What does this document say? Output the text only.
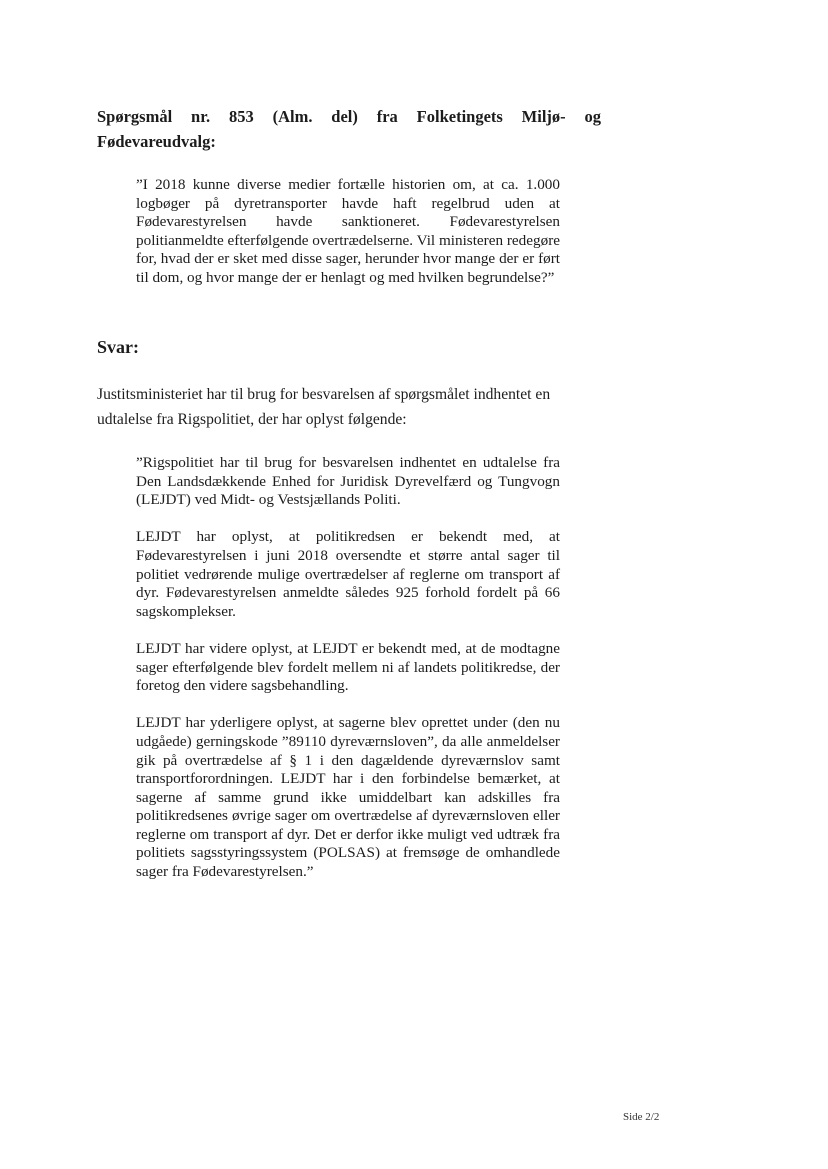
Spørgsmål nr. 853 (Alm. del) fra Folketingets Miljø- og
Fødevareudvalg:
”I 2018 kunne diverse medier fortælle historien om, at ca. 1.000 logbøger på dyretransporter havde haft regelbrud uden at Fødevarestyrelsen havde sanktioneret. Fødevarestyrelsen politianmeldte efterfølgende overtrædelserne. Vil ministeren redegøre for, hvad der er sket med disse sager, herunder hvor mange der er ført til dom, og hvor mange der er henlagt og med hvilken begrundelse?”
Svar:
Justitsministeriet har til brug for besvarelsen af spørgsmålet indhentet en udtalelse fra Rigspolitiet, der har oplyst følgende:

”Rigspolitiet har til brug for besvarelsen indhentet en udtalelse fra Den Landsdækkende Enhed for Juridisk Dyrevelfærd og Tungvogn (LEJDT) ved Midt- og Vestsjællands Politi.

LEJDT har oplyst, at politikredsen er bekendt med, at Fødevarestyrelsen i juni 2018 oversendte et større antal sager til politiet vedrørende mulige overtrædelser af reglerne om transport af dyr. Fødevarestyrelsen anmeldte således 925 forhold fordelt på 66 sagskomplekser.

LEJDT har videre oplyst, at LEJDT er bekendt med, at de modtagne sager efterfølgende blev fordelt mellem ni af landets politikredse, der foretog den videre sagsbehandling.

LEJDT har yderligere oplyst, at sagerne blev oprettet under (den nu udgåede) gerningskode ”89110 dyreværnsloven”, da alle anmeldelser gik på overtrædelse af § 1 i den dagældende dyreværnslov samt transportforordningen. LEJDT har i den forbindelse bemærket, at sagerne af samme grund ikke umiddelbart kan adskilles fra politikredsenes øvrige sager om overtrædelse af dyreværnsloven eller reglerne om transport af dyr. Det er derfor ikke muligt ved udtræk fra politiets sagsstyringssystem (POLSAS) at fremsøge de omhandlede sager fra Fødevarestyrelsen.”

Side 2/2
